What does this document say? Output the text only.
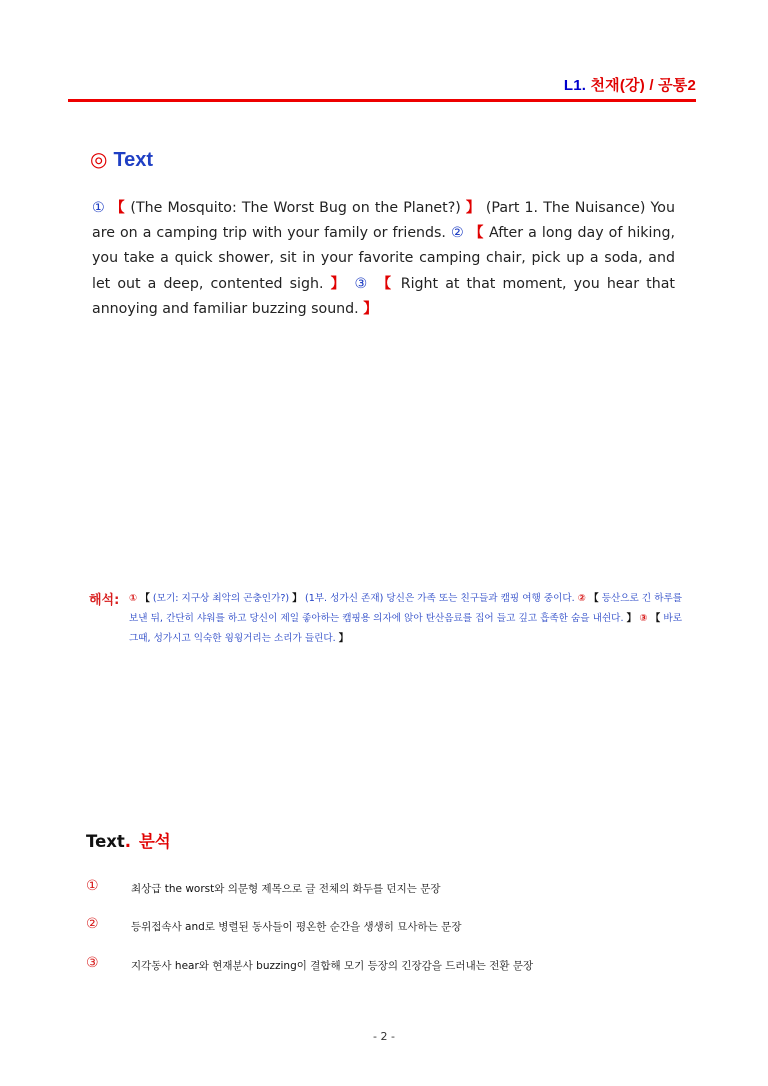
L1. 천재(강) / 공통2
◎ Text
① 【 (The Mosquito: The Worst Bug on the Planet?) 】 (Part 1. The Nuisance) You are on a camping trip with your family or friends. ② 【 After a long day of hiking, you take a quick shower, sit in your favorite camping chair, pick up a soda, and let out a deep, contented sigh. 】 ③ 【 Right at that moment, you hear that annoying and familiar buzzing sound. 】
해석: ① 【 (모기: 지구상 최악의 곤충인가?) 】 (1부. 성가신 존재) 당신은 가족 또는 친구들과 캠핑 여행 중이다. ② 【 등산으로 긴 하루를 보낸 뒤, 간단히 샤워를 하고 당신이 제일 좋아하는 캠핑용 의자에 앉아 탄산음료를 집어 들고 깊고 흡족한 숨을 내쉰다. 】 ③ 【 바로 그때, 성가시고 익숙한 윙윙거리는 소리가 들린다. 】
Text. 분석
①	최상급 the worst와 의문형 제목으로 글 전체의 화두를 던지는 문장
②	등위접속사 and로 병렬된 동사들이 평온한 순간을 생생히 묘사하는 문장
③	지각동사 hear와 현재분사 buzzing이 결합해 모기 등장의 긴장감을 드러내는 전환 문장
- 2 -
